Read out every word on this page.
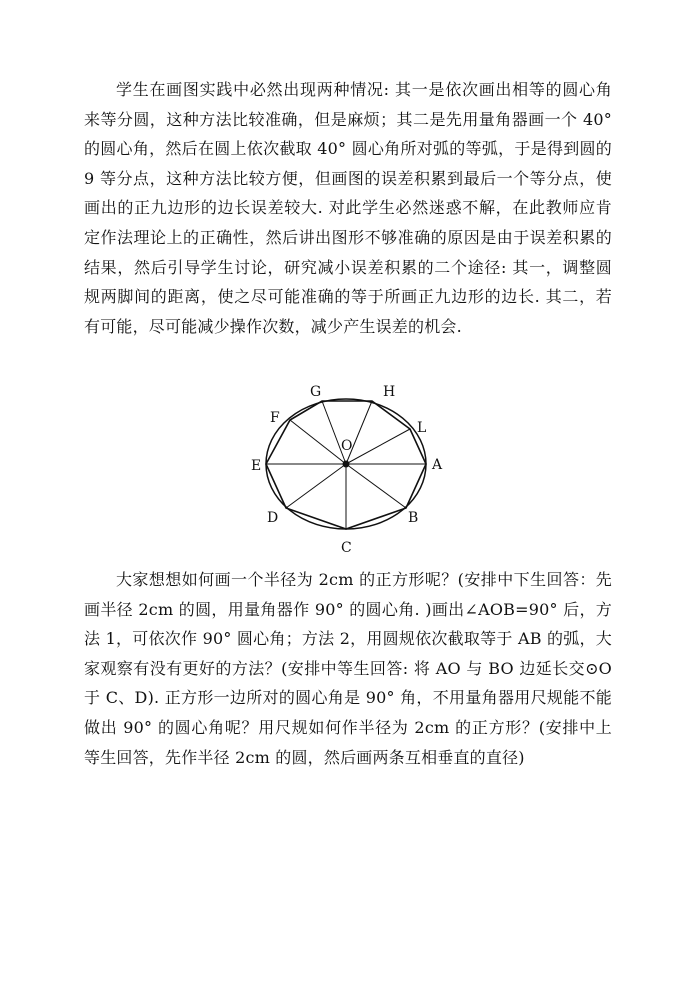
学生在画图实践中必然出现两种情况: 其一是依次画出相等的圆心角来等分圆，这种方法比较准确，但是麻烦；其二是先用量角器画一个 40° 的圆心角，然后在圆上依次截取 40° 圆心角所对弧的等弧，于是得到圆的 9 等分点，这种方法比较方便，但画图的误差积累到最后一个等分点，使画出的正九边形的边长误差较大. 对此学生必然迷惑不解，在此教师应肯定作法理论上的正确性，然后讲出图形不够准确的原因是由于误差积累的结果，然后引导学生讨论，研究减小误差积累的二个途径: 其一，调整圆规两脚间的距离，使之尽可能准确的等于所画正九边形的边长. 其二，若有可能，尽可能减少操作次数，减少产生误差的机会.

O
A
B
C
D
E
F
G	H
L

大家想想如何画一个半径为 2cm 的正方形呢？(安排中下生回答：先画半径 2cm 的圆，用量角器作 90° 的圆心角. )画出∠AOB=90° 后，方法 1，可依次作 90° 圆心角；方法 2，用圆规依次截取等于 AB 的弧，大家观察有没有更好的方法？(安排中等生回答: 将 AO 与 BO 边延长交⊙O 于 C、D). 正方形一边所对的圆心角是 90° 角，不用量角器用尺规能不能做出 90° 的圆心角呢？用尺规如何作半径为 2cm 的正方形？(安排中上等生回答，先作半径 2cm 的圆，然后画两条互相垂直的直径)
